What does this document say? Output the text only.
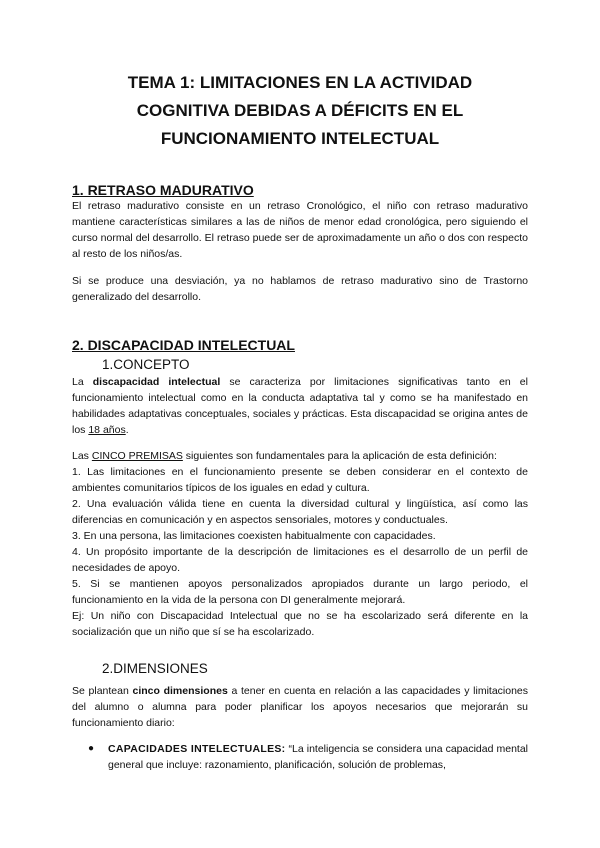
TEMA 1: LIMITACIONES EN LA ACTIVIDAD
COGNITIVA DEBIDAS A DÉFICITS EN EL
FUNCIONAMIENTO INTELECTUAL
1. RETRASO MADURATIVO

El retraso madurativo consiste en un retraso Cronológico, el niño con retraso madurativo mantiene características similares a las de niños de menor edad cronológica, pero siguiendo el curso normal del desarrollo. El retraso puede ser de aproximadamente un año o dos con respecto al resto de los niños/as.

Si se produce una desviación, ya no hablamos de retraso madurativo sino de Trastorno generalizado del desarrollo.

2. DISCAPACIDAD INTELECTUAL
1.CONCEPTO

La discapacidad intelectual se caracteriza por limitaciones significativas tanto en el funcionamiento intelectual como en la conducta adaptativa tal y como se ha manifestado en habilidades adaptativas conceptuales, sociales y prácticas. Esta discapacidad se origina antes de los 18 años.

Las CINCO PREMISAS siguientes son fundamentales para la aplicación de esta definición:

1. Las limitaciones en el funcionamiento presente se deben considerar en el contexto de ambientes comunitarios típicos de los iguales en edad y cultura.
2. Una evaluación válida tiene en cuenta la diversidad cultural y lingüística, así como las diferencias en comunicación y en aspectos sensoriales, motores y conductuales.
3. En una persona, las limitaciones coexisten habitualmente con capacidades.
4. Un propósito importante de la descripción de limitaciones es el desarrollo de un perfil de necesidades de apoyo.
5. Si se mantienen apoyos personalizados apropiados durante un largo periodo, el funcionamiento en la vida de la persona con DI generalmente mejorará.
Ej: Un niño con Discapacidad Intelectual que no se ha escolarizado será diferente en la socialización que un niño que sí se ha escolarizado.
2.DIMENSIONES

Se plantean cinco dimensiones a tener en cuenta en relación a las capacidades y limitaciones del alumno o alumna para poder planificar los apoyos necesarios que mejorarán su funcionamiento diario:

● CAPACIDADES INTELECTUALES: “La inteligencia se considera una capacidad mental general que incluye: razonamiento, planificación, solución de problemas,
